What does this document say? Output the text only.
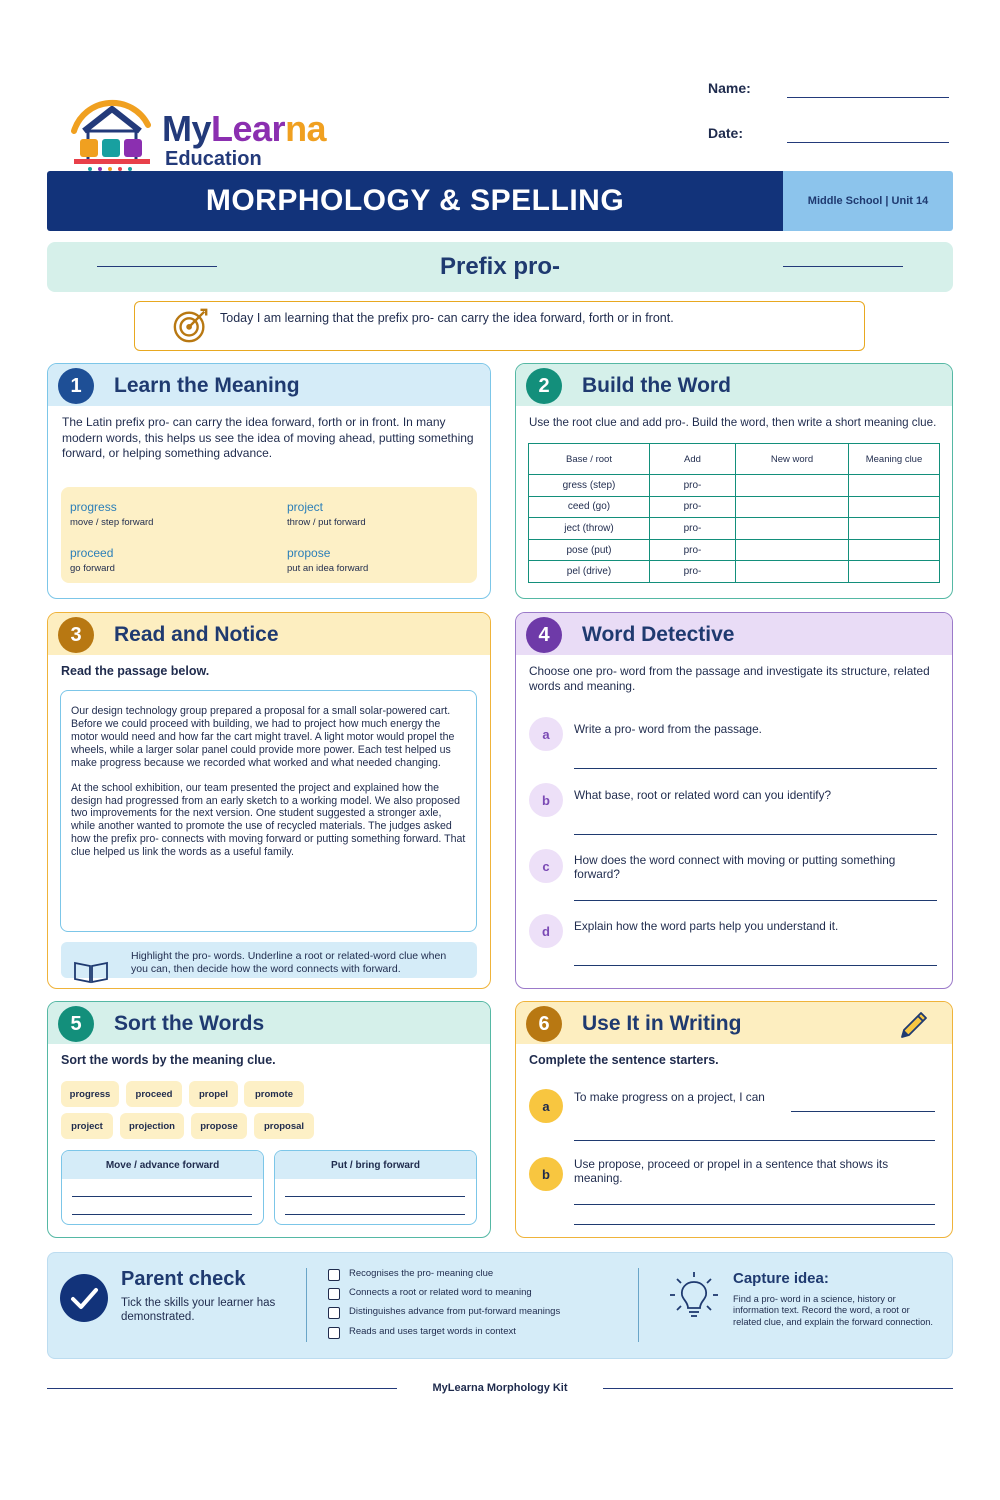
MyLearna
Education
Name:
Date:
MORPHOLOGY & SPELLING	Middle School | Unit 14
Prefix pro-
Today I am learning that the prefix pro- can carry the idea forward, forth or in front.
1	Learn the Meaning
The Latin prefix pro- can carry the idea forward, forth or in front. In many modern words, this helps us see the idea of moving ahead, putting something forward, or helping something advance.
progress
move / step forward
project
throw / put forward
proceed
go forward
propose
put an idea forward
2	Build the Word
Use the root clue and add pro-. Build the word, then write a short meaning clue.
Base / root	Add	New word	Meaning clue
gress (step)	pro-		
ceed (go)	pro-		
ject (throw)	pro-		
pose (put)	pro-		
pel (drive)	pro-		
3	Read and Notice
Read the passage below.

Our design technology group prepared a proposal for a small solar-powered cart. Before we could proceed with building, we had to project how much energy the motor would need and how far the cart might travel. A light motor would propel the wheels, while a larger solar panel could provide more power. Each test helped us make progress because we recorded what worked and what needed changing.

At the school exhibition, our team presented the project and explained how the design had progressed from an early sketch to a working model. We also proposed two improvements for the next version. One student suggested a stronger axle, while another wanted to promote the use of recycled materials. The judges asked how the prefix pro- connects with moving forward or putting something forward. That clue helped us link the words as a useful family.

Highlight the pro- words. Underline a root or related-word clue when you can, then decide how the word connects with forward.
4	Word Detective
Choose one pro- word from the passage and investigate its structure, related words and meaning.
a	Write a pro- word from the passage.
b	What base, root or related word can you identify?
c	How does the word connect with moving or putting something forward?
d	Explain how the word parts help you understand it.
5	Sort the Words
Sort the words by the meaning clue.
progress	proceed	propel	promote
project	projection	propose	proposal
Move / advance forward	Put / bring forward
6	Use It in Writing
Complete the sentence starters.
a
To make progress on a project, I can
b
Use propose, proceed or propel in a sentence that shows its meaning.
Parent check
Tick the skills your learner has demonstrated.
Recognises the pro- meaning clue
Connects a root or related word to meaning
Distinguishes advance from put-forward meanings
Reads and uses target words in context
Capture idea:
Find a pro- word in a science, history or information text. Record the word, a root or related clue, and explain the forward connection.
MyLearna Morphology Kit
